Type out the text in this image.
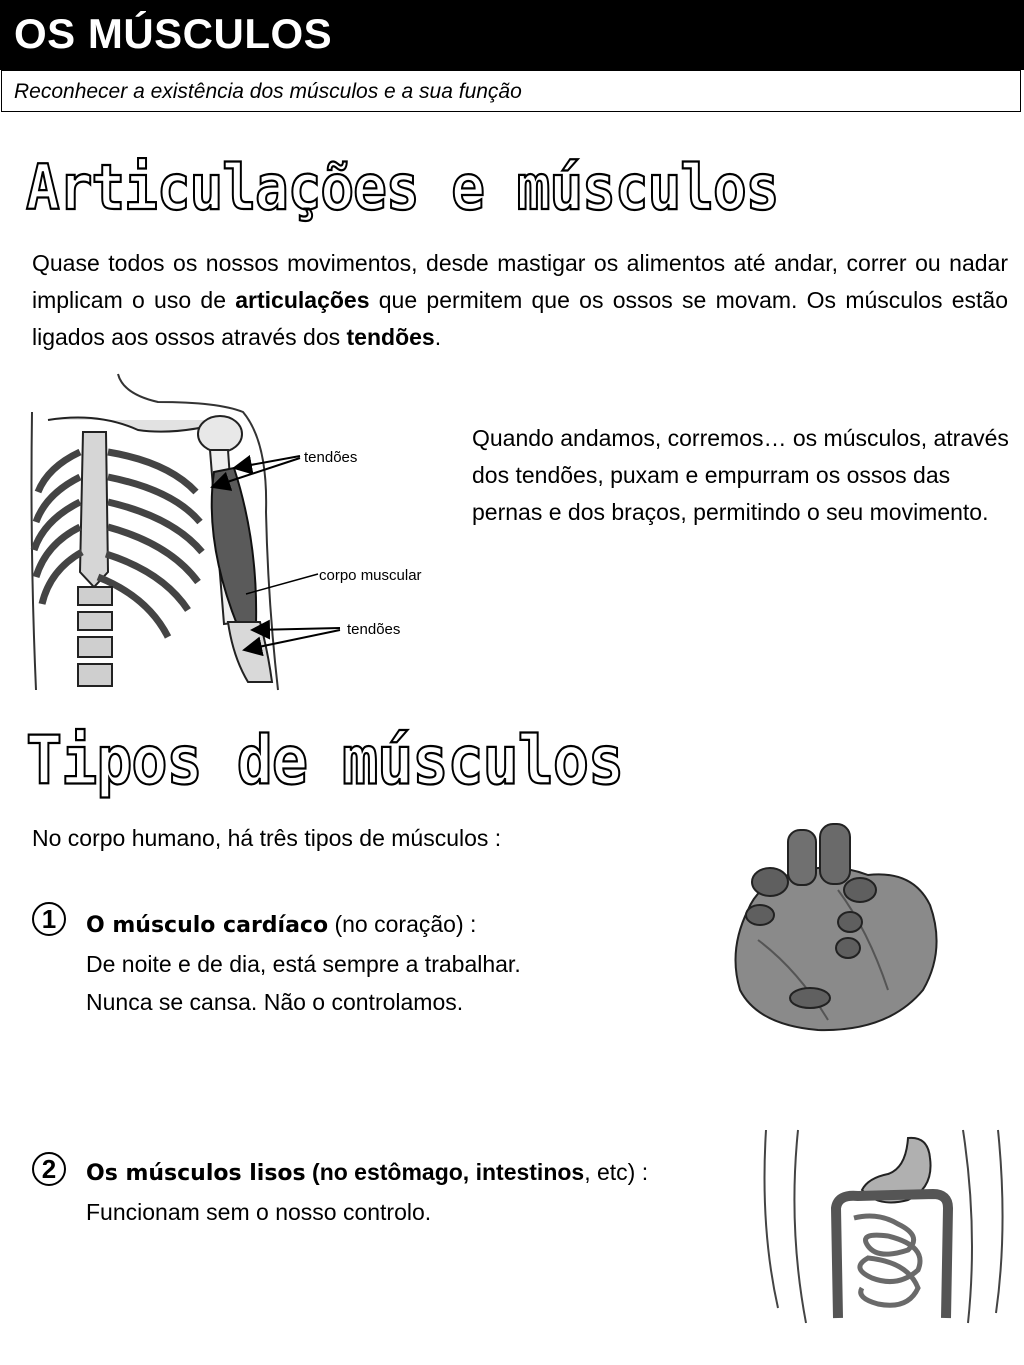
OS MÚSCULOS
Reconhecer a existência dos músculos e a sua função
Articulações e músculos
Quase todos os nossos movimentos, desde mastigar os alimentos até andar, correr ou nadar implicam o uso de articulações que permitem que os ossos se movam. Os músculos estão ligados aos ossos através dos tendões.
tendões
corpo muscular
tendões
Quando andamos, corremos… os músculos, através dos tendões, puxam e empurram os ossos das pernas e dos braços, permitindo o seu movimento.
Tipos de músculos
No corpo humano, há três tipos de músculos :
1	O músculo cardíaco (no coração) :
De noite e de dia, está sempre a trabalhar.
Nunca se cansa. Não o controlamos.
2	Os músculos lisos (no estômago, intestinos, etc) :
Funcionam sem o nosso controlo.
